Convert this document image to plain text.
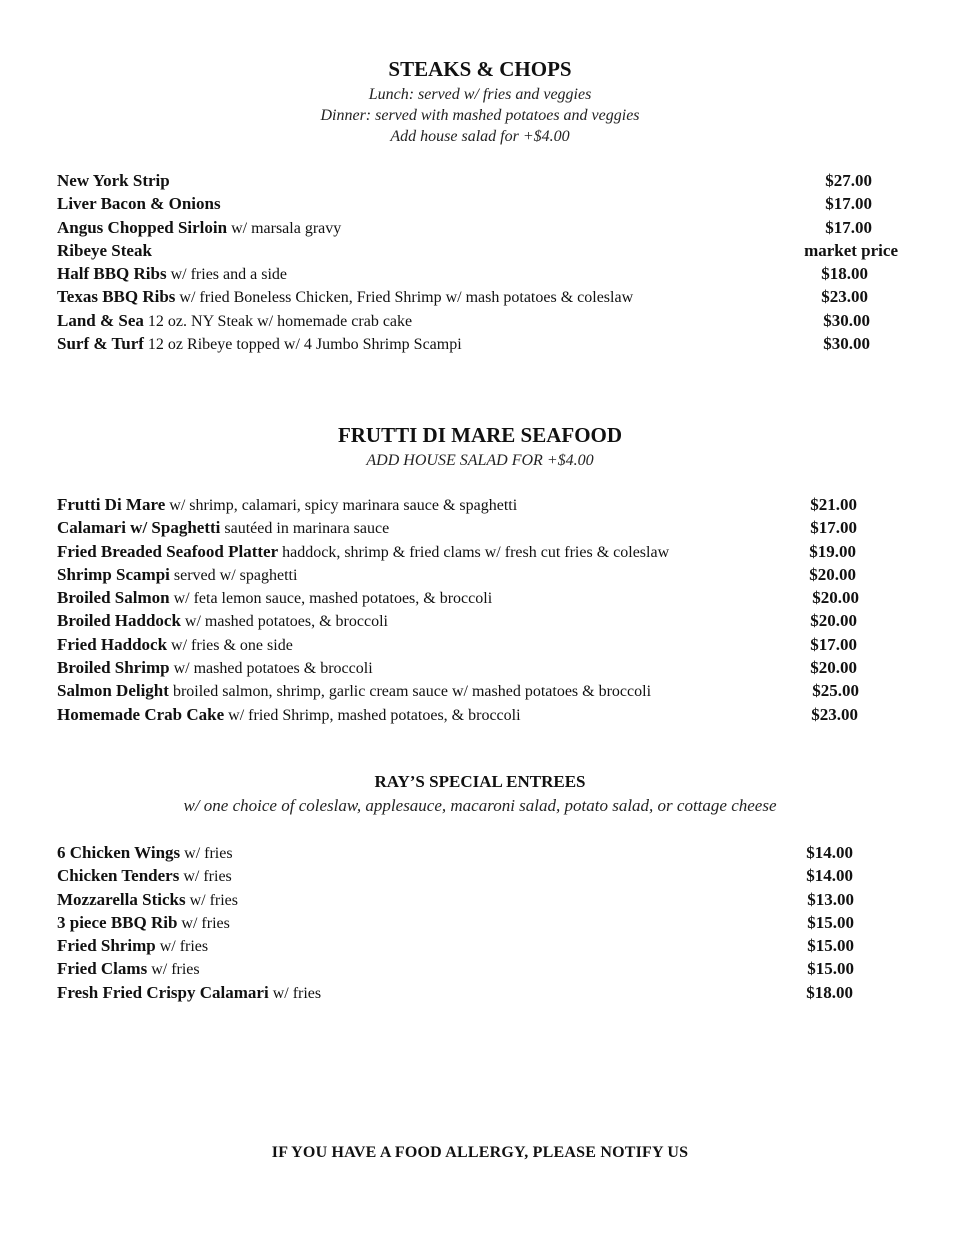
STEAKS & CHOPS

Lunch: served w/ fries and veggies

Dinner: served with mashed potatoes and veggies

Add house salad for +$4.00

New York Strip	$27.00
Liver Bacon & Onions	$17.00
Angus Chopped Sirloin w/ marsala gravy	$17.00
Ribeye Steak	market price
Half BBQ Ribs w/ fries and a side	$18.00
Texas BBQ Ribs w/ fried Boneless Chicken, Fried Shrimp w/ mash potatoes & coleslaw	$23.00
Land & Sea 12 oz. NY Steak w/ homemade crab cake	$30.00
Surf & Turf 12 oz Ribeye topped w/ 4 Jumbo Shrimp Scampi	$30.00
FRUTTI DI MARE SEAFOOD

ADD HOUSE SALAD FOR +$4.00

Frutti Di Mare w/ shrimp, calamari, spicy marinara sauce & spaghetti	$21.00
Calamari w/ Spaghetti sautéed in marinara sauce	$17.00
Fried Breaded Seafood Platter haddock, shrimp & fried clams w/ fresh cut fries & coleslaw	$19.00
Shrimp Scampi served w/ spaghetti	$20.00
Broiled Salmon w/ feta lemon sauce, mashed potatoes, & broccoli	$20.00
Broiled Haddock w/ mashed potatoes, & broccoli	$20.00
Fried Haddock w/ fries & one side	$17.00
Broiled Shrimp w/ mashed potatoes & broccoli	$20.00
Salmon Delight broiled salmon, shrimp, garlic cream sauce w/ mashed potatoes & broccoli	$25.00
Homemade Crab Cake w/ fried Shrimp, mashed potatoes, & broccoli	$23.00
RAY’S SPECIAL ENTREES

w/ one choice of coleslaw, applesauce, macaroni salad, potato salad, or cottage cheese

6 Chicken Wings w/ fries	$14.00
Chicken Tenders w/ fries	$14.00
Mozzarella Sticks w/ fries	$13.00
3 piece BBQ Rib w/ fries	$15.00
Fried Shrimp w/ fries	$15.00
Fried Clams w/ fries	$15.00
Fresh Fried Crispy Calamari w/ fries	$18.00

IF YOU HAVE A FOOD ALLERGY, PLEASE NOTIFY US
